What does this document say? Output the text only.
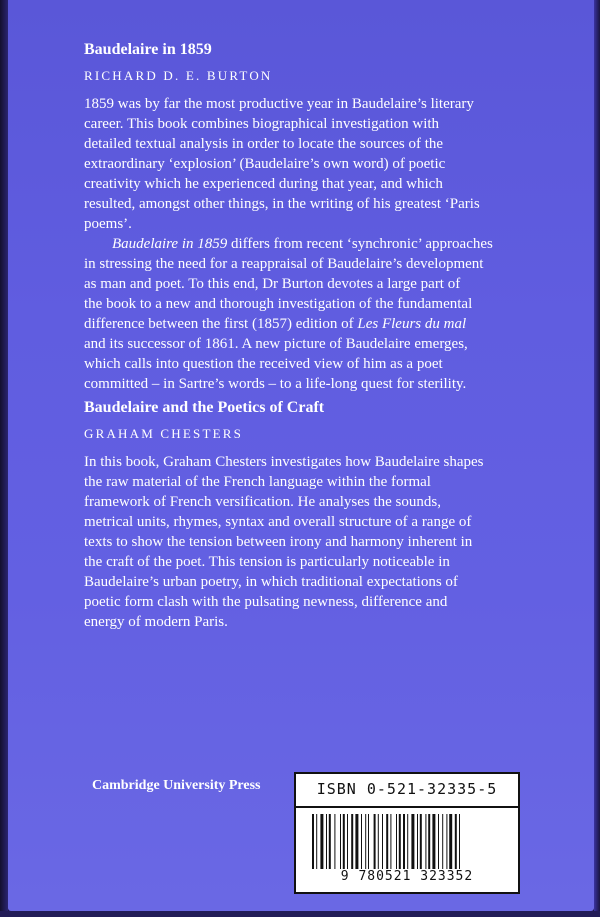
Baudelaire in 1859
RICHARD D. E. BURTON

1859 was by far the most productive year in Baudelaire’s literary
career. This book combines biographical investigation with
detailed textual analysis in order to locate the sources of the
extraordinary ‘explosion’ (Baudelaire’s own word) of poetic
creativity which he experienced during that year, and which
resulted, amongst other things, in the writing of his greatest ‘Paris
poems’.

Baudelaire in 1859 differs from recent ‘synchronic’ approaches
in stressing the need for a reappraisal of Baudelaire’s development
as man and poet. To this end, Dr Burton devotes a large part of
the book to a new and thorough investigation of the fundamental
difference between the first (1857) edition of Les Fleurs du mal
and its successor of 1861. A new picture of Baudelaire emerges,
which calls into question the received view of him as a poet
committed – in Sartre’s words – to a life-long quest for sterility.

Baudelaire and the Poetics of Craft
GRAHAM CHESTERS

In this book, Graham Chesters investigates how Baudelaire shapes
the raw material of the French language within the formal
framework of French versification. He analyses the sounds,
metrical units, rhymes, syntax and overall structure of a range of
texts to show the tension between irony and harmony inherent in
the craft of the poet. This tension is particularly noticeable in
Baudelaire’s urban poetry, in which traditional expectations of
poetic form clash with the pulsating newness, difference and
energy of modern Paris.

Cambridge University Press	ISBN 0-521-32335-5
9 780521 323352
